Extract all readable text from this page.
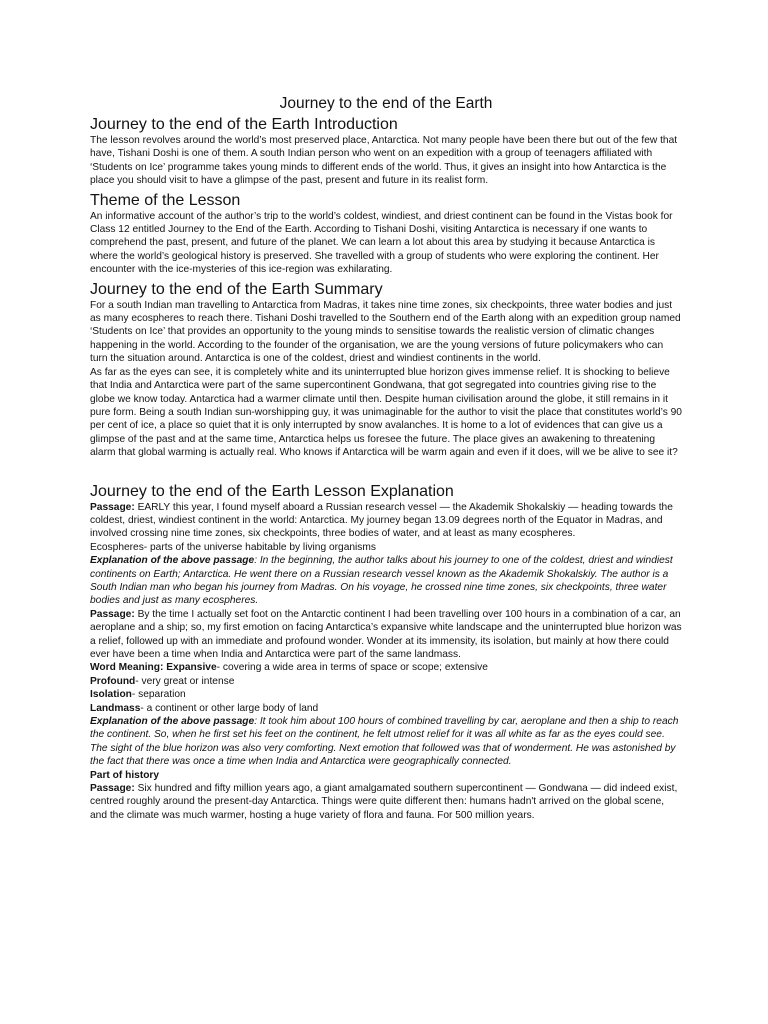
Journey to the end of the Earth
Journey to the end of the Earth Introduction

The lesson revolves around the world’s most preserved place, Antarctica. Not many people have been there but out of the few that have, Tishani Doshi is one of them. A south Indian person who went on an expedition with a group of teenagers affiliated with ‘Students on Ice’ programme takes young minds to different ends of the world. Thus, it gives an insight into how Antarctica is the place you should visit to have a glimpse of the past, present and future in its realist form.

Theme of the Lesson

An informative account of the author’s trip to the world’s coldest, windiest, and driest continent can be found in the Vistas book for Class 12 entitled Journey to the End of the Earth. According to Tishani Doshi, visiting Antarctica is necessary if one wants to comprehend the past, present, and future of the planet. We can learn a lot about this area by studying it because Antarctica is where the world’s geological history is preserved. She travelled with a group of students who were exploring the continent. Her encounter with the ice-mysteries of this ice-region was exhilarating.

Journey to the end of the Earth Summary

For a south Indian man travelling to Antarctica from Madras, it takes nine time zones, six checkpoints, three water bodies and just as many ecospheres to reach there. Tishani Doshi travelled to the Southern end of the Earth along with an expedition group named ‘Students on Ice’ that provides an opportunity to the young minds to sensitise towards the realistic version of climatic changes happening in the world. According to the founder of the organisation, we are the young versions of future policymakers who can turn the situation around. Antarctica is one of the coldest, driest and windiest continents in the world.

As far as the eyes can see, it is completely white and its uninterrupted blue horizon gives immense relief. It is shocking to believe that India and Antarctica were part of the same supercontinent Gondwana, that got segregated into countries giving rise to the globe we know today. Antarctica had a warmer climate until then. Despite human civilisation around the globe, it still remains in it pure form. Being a south Indian sun-worshipping guy, it was unimaginable for the author to visit the place that constitutes world’s 90 per cent of ice, a place so quiet that it is only interrupted by snow avalanches. It is home to a lot of evidences that can give us a glimpse of the past and at the same time, Antarctica helps us foresee the future. The place gives an awakening to threatening alarm that global warming is actually real. Who knows if Antarctica will be warm again and even if it does, will we be alive to see it?

Journey to the end of the Earth Lesson Explanation

Passage: EARLY this year, I found myself aboard a Russian research vessel — the Akademik Shokalskiy — heading towards the coldest, driest, windiest continent in the world: Antarctica. My journey began 13.09 degrees north of the Equator in Madras, and involved crossing nine time zones, six checkpoints, three bodies of water, and at least as many ecospheres.

Ecospheres- parts of the universe habitable by living organisms

Explanation of the above passage: In the beginning, the author talks about his journey to one of the coldest, driest and windiest continents on Earth; Antarctica. He went there on a Russian research vessel known as the Akademik Shokalskiy. The author is a South Indian man who began his journey from Madras. On his voyage, he crossed nine time zones, six checkpoints, three water bodies and just as many ecospheres.

Passage: By the time I actually set foot on the Antarctic continent I had been travelling over 100 hours in a combination of a car, an aeroplane and a ship; so, my first emotion on facing Antarctica’s expansive white landscape and the uninterrupted blue horizon was a relief, followed up with an immediate and profound wonder. Wonder at its immensity, its isolation, but mainly at how there could ever have been a time when India and Antarctica were part of the same landmass.

Word Meaning: Expansive- covering a wide area in terms of space or scope; extensive

Profound- very great or intense

Isolation- separation

Landmass- a continent or other large body of land

Explanation of the above passage: It took him about 100 hours of combined travelling by car, aeroplane and then a ship to reach the continent. So, when he first set his feet on the continent, he felt utmost relief for it was all white as far as the eyes could see. The sight of the blue horizon was also very comforting. Next emotion that followed was that of wonderment. He was astonished by the fact that there was once a time when India and Antarctica were geographically connected.

Part of history

Passage: Six hundred and fifty million years ago, a giant amalgamated southern supercontinent — Gondwana — did indeed exist, centred roughly around the present-day Antarctica. Things were quite different then: humans hadn't arrived on the global scene, and the climate was much warmer, hosting a huge variety of flora and fauna. For 500 million years.
